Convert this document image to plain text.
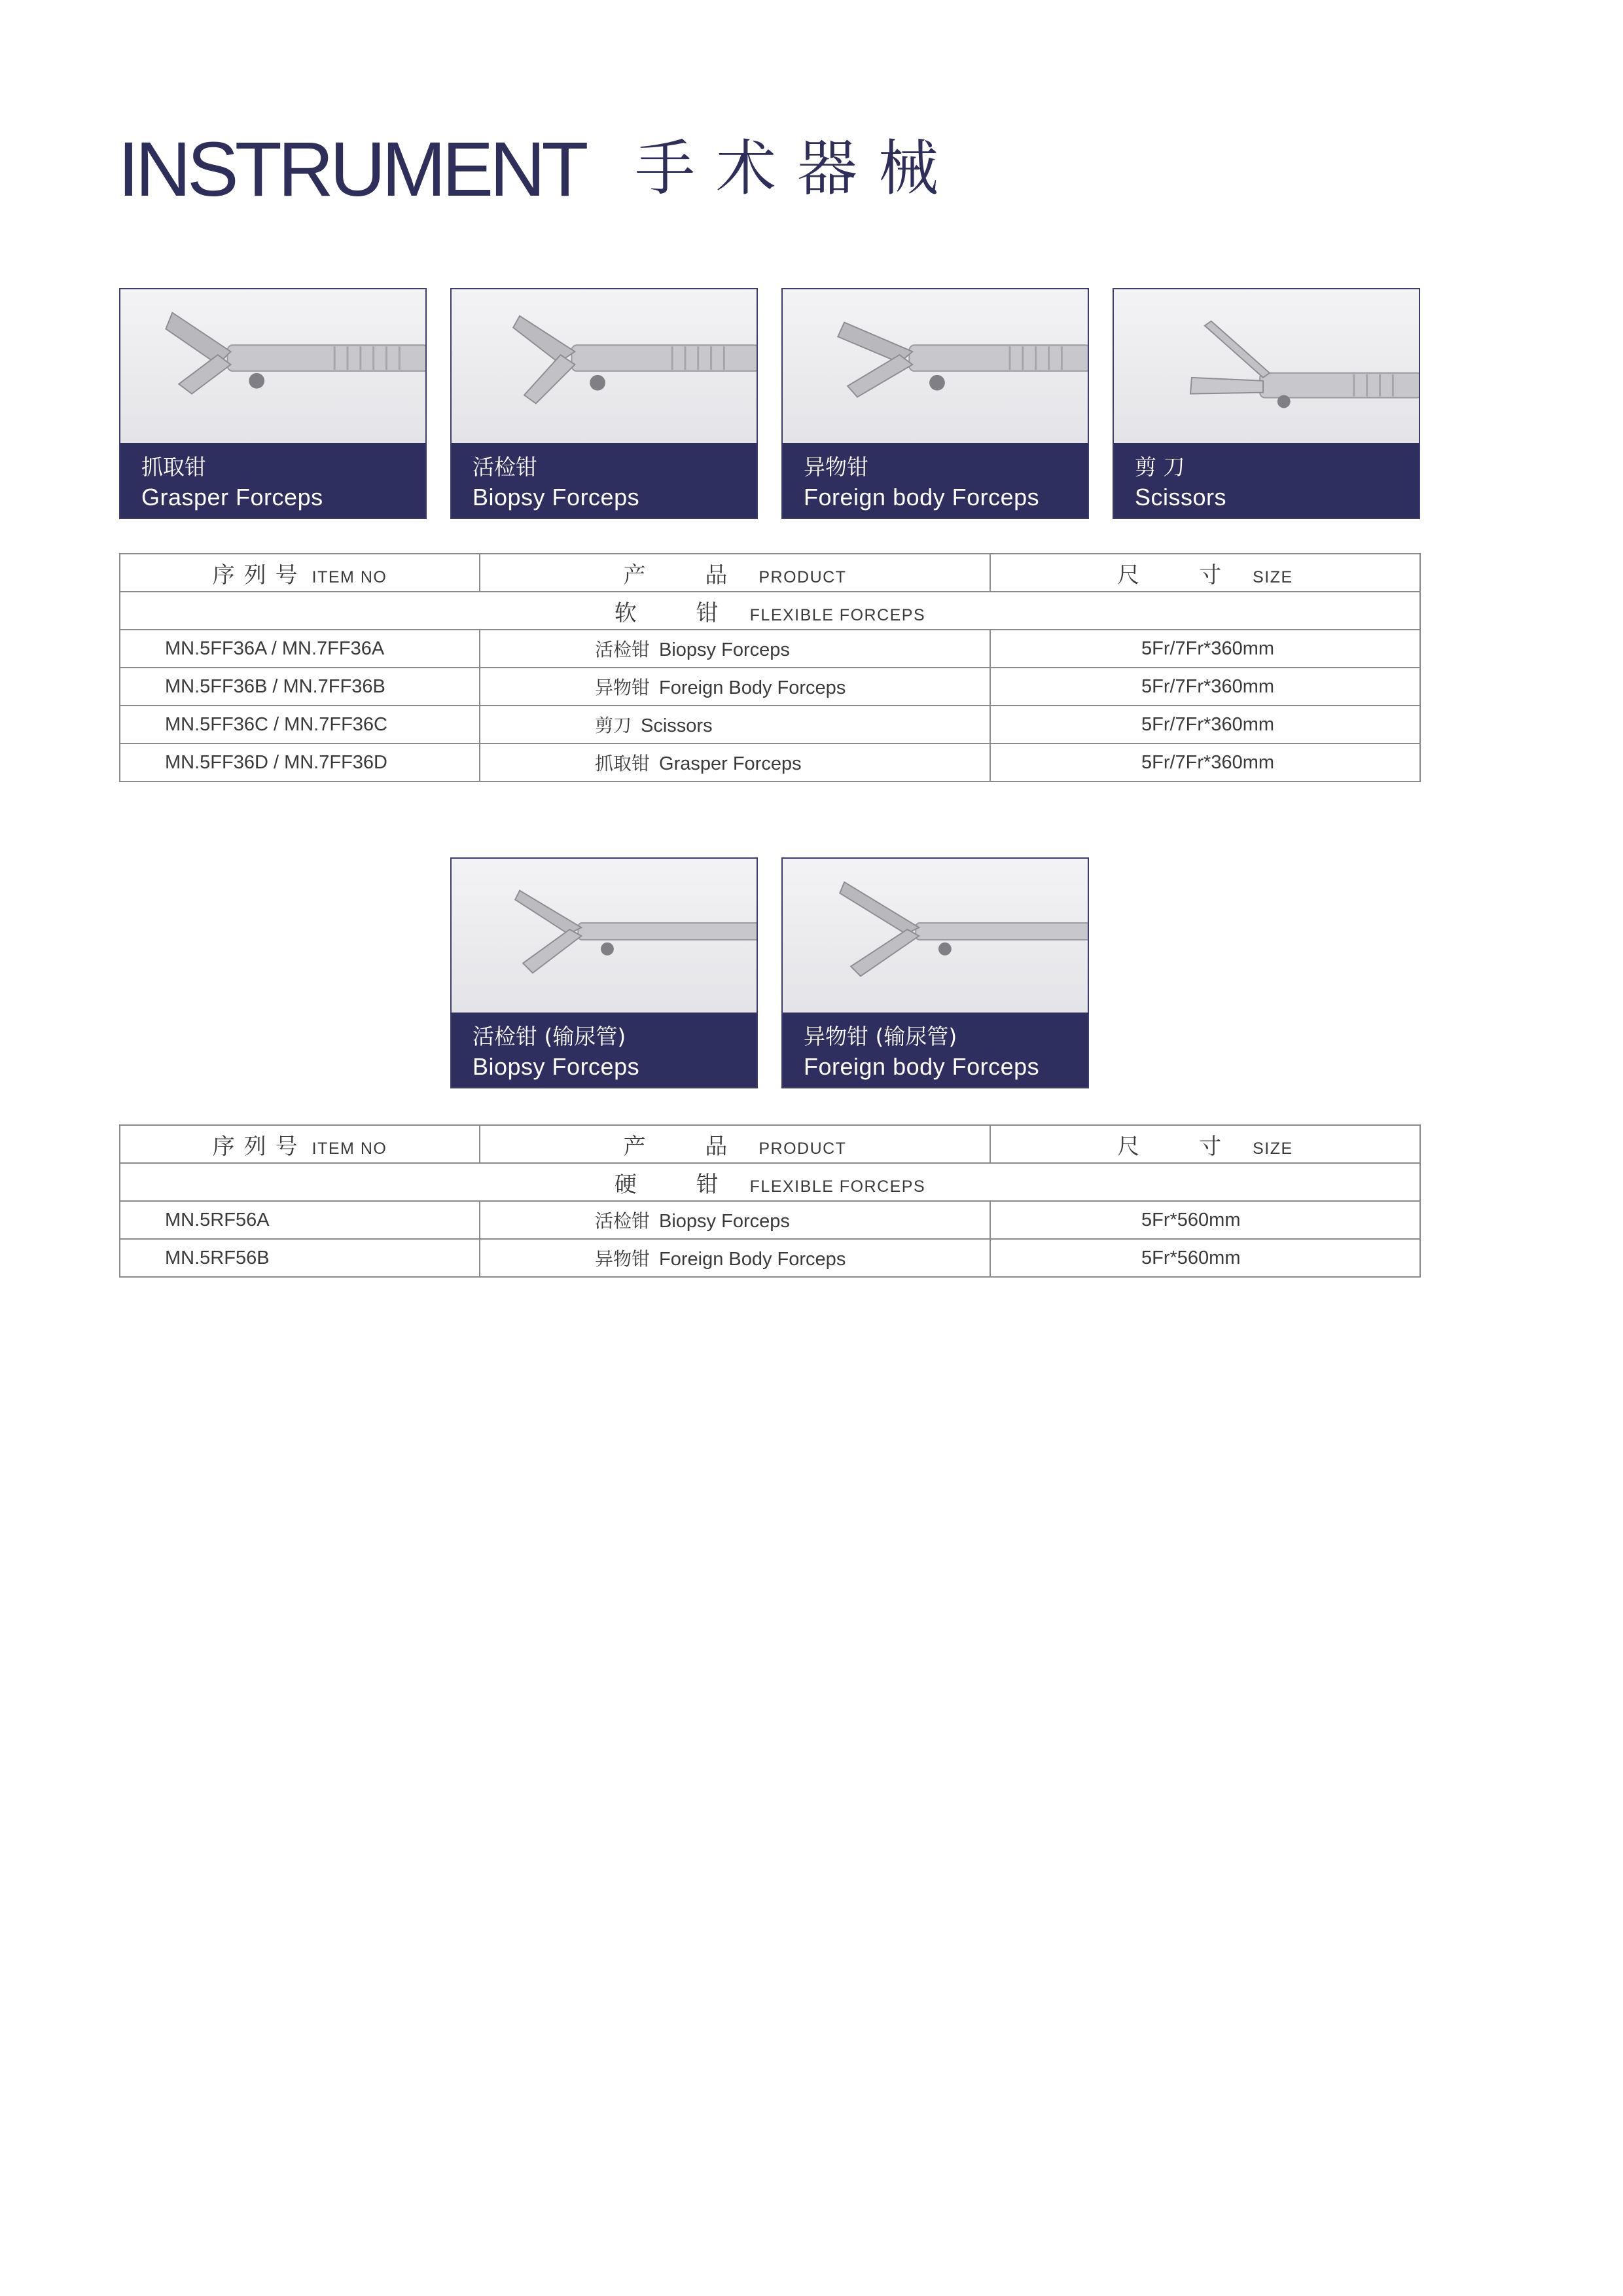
INSTRUMENT 手术器械
抓取钳
Grasper Forceps
活检钳
Biopsy Forceps
异物钳
Foreign body Forceps
剪 刀
Scissors
序列号 ITEM NO	产 品 PRODUCT	尺 寸 SIZE
软 钳 FLEXIBLE FORCEPS		
MN.5FF36A / MN.7FF36A	活检钳 Biopsy Forceps	5Fr/7Fr*360mm
MN.5FF36B / MN.7FF36B	异物钳 Foreign Body Forceps	5Fr/7Fr*360mm
MN.5FF36C / MN.7FF36C	剪刀 Scissors	5Fr/7Fr*360mm
MN.5FF36D / MN.7FF36D	抓取钳 Grasper Forceps	5Fr/7Fr*360mm
活检钳 (输尿管)
Biopsy Forceps
异物钳 (输尿管)
Foreign body Forceps
序列号 ITEM NO	产 品 PRODUCT	尺 寸 SIZE
硬 钳 FLEXIBLE FORCEPS		
MN.5RF56A	活检钳 Biopsy Forceps	5Fr*560mm
MN.5RF56B	异物钳 Foreign Body Forceps	5Fr*560mm
